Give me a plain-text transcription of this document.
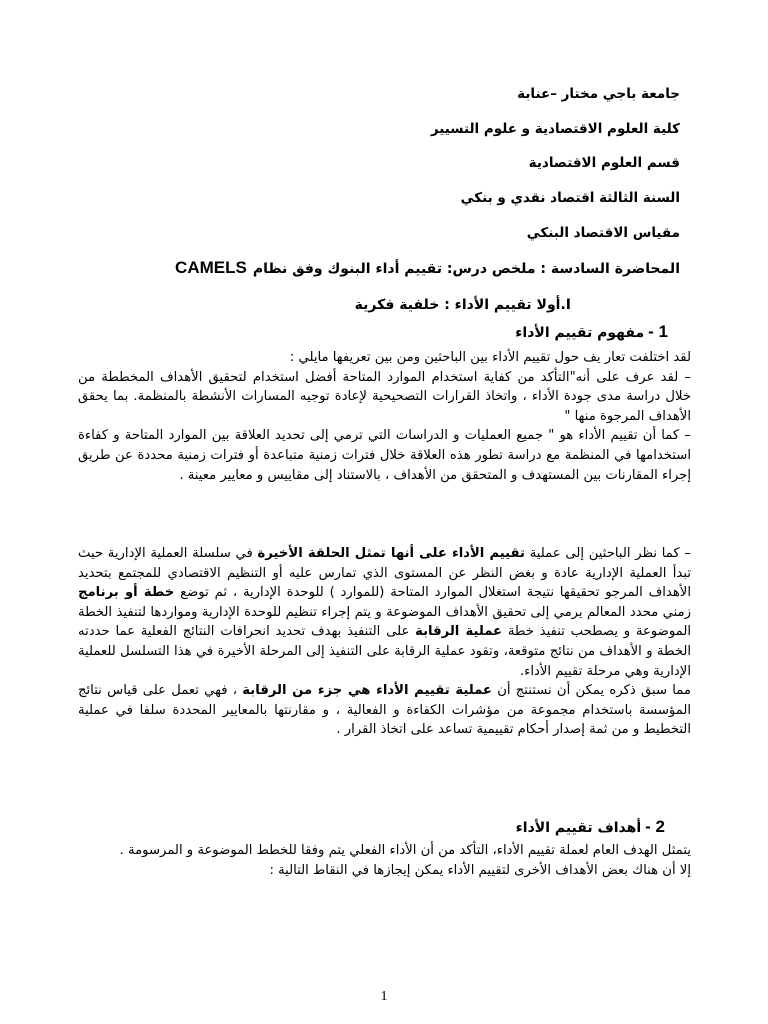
جامعة باجي مختار –عنابة

كلية العلوم الاقتصادية و علوم التسيير

قسم العلوم الاقتصادية

السنة الثالثة اقتصاد نقدي و بنكي

مقياس الاقتصاد البنكي

المحاضرة السادسة : ملخص درس: تقييم أداء البنوك وفق نظامCAMELS

I.أولا تقييم الأداء : خلفية فكرية

1 -مفهوم تقييم الأداء

لقد اختلفت تعار يف حول تقييم الأداء بين الباحثين ومن بين تعريفها مايلي :
– لقد عرف على أنه"التأكد من كفاية استخدام الموارد المتاحة أفضل استخدام لتحقيق الأهداف المخططة من خلال دراسة مدى جودة الأداء ، واتخاذ القرارات التصحيحية لإعادة توجيه المسارات الأنشطة بالمنظمة. بما يحقق الأهداف المرجوة منها "
– كما أن تقييم الأداء هو " جميع العمليات و الدراسات التي ترمي إلى تحديد العلاقة بين الموارد المتاحة و كفاءة استخدامها في المنظمة مع دراسة تطور هذه العلاقة خلال فترات زمنية متباعدة أو فترات زمنية محددة عن طريق إجراء المقارنات بين المستهدف و المتحقق من الأهداف ، بالاستناد إلى مقاييس و معايير معينة .
– كما نظر الباحثين إلى عملية تقييم الأداء على أنها تمثل الحلقة الأخيرة في سلسلة العملية الإدارية حيث تبدأ العملية الإدارية عادة و بغض النظر عن المستوى الذي تمارس عليه أو التنظيم الاقتصادي للمجتمع بتحديد الأهداف المرجو تحقيقها نتيجة استغلال الموارد المتاحة (للموارد ) للوحدة الإدارية ، ثم توضع خطة أو برنامج زمني محدد المعالم يرمي إلى تحقيق الأهداف الموضوعة و يتم إجراء تنظيم للوحدة الإدارية ومواردها لتنفيذ الخطة الموضوعة و يصطحب تنفيذ خطة عملية الرقابة على التنفيذ بهدف تحديد انحرافات النتائج الفعلية عما حددته الخطة و الأهداف من نتائج متوقعة، وتقود عملية الرقابة على التنفيذ إلى المرحلة الأخيرة في هذا التسلسل للعملية الإدارية وهي مرحلة تقييم الأداء.
مما سبق ذكره يمكن أن نستنتج أن عملية تقييم الأداء هي جزء من الرقابة ، فهي تعمل على قياس نتائج المؤسسة باستخدام مجموعة من مؤشرات الكفاءة و الفعالية ، و مقارنتها بالمعايير المحددة سلفا في عملية التخطيط و من ثمة إصدار أحكام تقييمية تساعد على اتخاذ القرار .

2 -أهداف تقييم الأداء

يتمثل الهدف العام لعملة تقييم الأداء، التأكد من أن الأداء الفعلي يتم وفقا للخطط الموضوعة و المرسومة .
إلا أن هناك بعض الأهداف الأخرى لتقييم الأداء يمكن إيجازها في النقاط التالية :
1
